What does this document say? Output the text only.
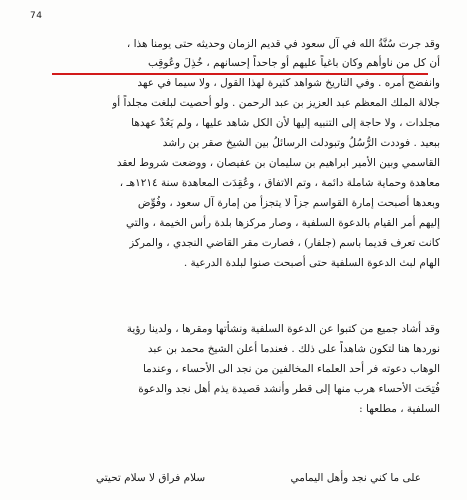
74
وقد جرت سُنَّةُ الله في آل سعود في قديم الزمان وحديثه حتى يومنا هذا ،
أن كل من ناوأهم وكان باغياً عليهم أو جاحداً إحسانهم ، خُذِلَ وعُوقِب
وانفضح أمره . وفي التاريخ شواهد كثيرة لهذا القول ، ولا سيما في عهد
جلالة الملك المعظم عبد العزيز بن عبد الرحمن . ولو أحصيت لبلغت مجلداً أو
مجلدات ، ولا حاجة إلى التنبيه إليها لأن الكل شاهد عليها ، ولم يَعُدْ عهدها
ببعيد . فوددت الرُّسُلُ وتبودلت الرسائلُ بين الشيخ صقر بن راشد
القاسمي وبين الأمير ابراهيم بن سليمان بن عفيصان ، ووضعت شروط لعقد
معاهدة وحماية شاملة دائمة ، وتم الاتفاق ، وعُقِدَت المعاهدة سنة ١٢١٤هـ ،
وبعدها أصبحت إمارة القواسم جزاً لا يتجزأ من إمارة آل سعود ، وفُوِّض
إليهم أمر القيام بالدعوة السلفية ، وصار مركزها بلدة رأس الخيمة ، والتي
كانت تعرف قديما باسم (جلفار) ، فصارت مقر القاضي النجدي ، والمركز
الهام لبث الدعوة السلفية حتى أصبحت صنوا لبلدة الدرعية .
وقد أشاد جميع من كتبوا عن الدعوة السلفية ونشأتها ومقرها ، ولدينا رؤية
نوردها هنا لتكون شاهداً على ذلك . فعندما أعلن الشيخ محمد بن عبد
الوهاب دعوته فر أحد العلماء المخالفين من نجد الى الأحساء ، وعندما
فُتِحَت الأحساء هرب منها إلى قطر وأنشد قصيدة يذم أهل نجد والدعوة
السلفية ، مطلعها :
على ما كني نجد وأهل اليمامي
سلام فراق لا سلام تحيتي
